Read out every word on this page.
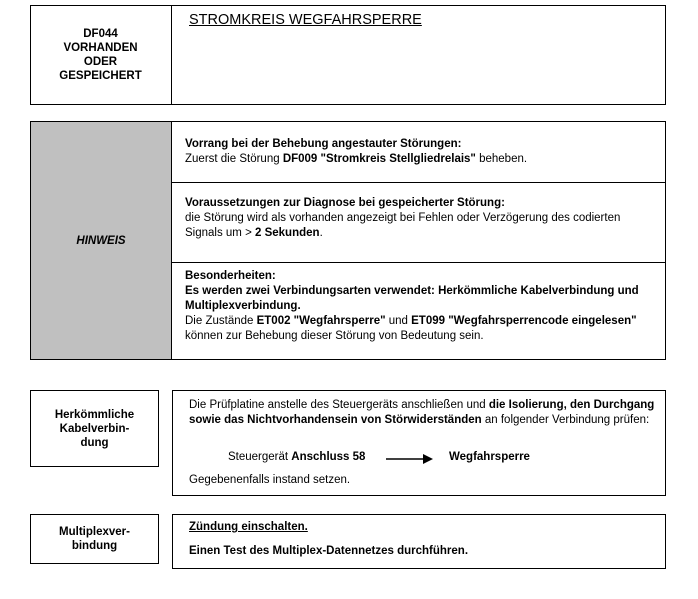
DF044
VORHANDEN
ODER
GESPEICHERT
STROMKREIS WEGFAHRSPERRE
HINWEIS
Vorrang bei der Behebung angestauter Störungen:
Zuerst die Störung DF009 "Stromkreis Stellgliedrelais" beheben.
Voraussetzungen zur Diagnose bei gespeicherter Störung:
die Störung wird als vorhanden angezeigt bei Fehlen oder Verzögerung des codierten Signals um > 2 Sekunden.
Besonderheiten:
Es werden zwei Verbindungsarten verwendet: Herkömmliche Kabelverbindung und Multiplexverbindung.
Die Zustände ET002 "Wegfahrsperre" und ET099 "Wegfahrsperrencode eingelesen" können zur Behebung dieser Störung von Bedeutung sein.
Herkömmliche
Kabelverbin-
dung
Die Prüfplatine anstelle des Steuergeräts anschließen und die Isolierung, den Durchgang sowie das Nichtvorhandensein von Störwiderständen an folgender Verbindung prüfen:
Steuergerät Anschluss 58	Wegfahrsperre
Gegebenenfalls instand setzen.
Multiplexver-
bindung
Zündung einschalten.
Einen Test des Multiplex-Datennetzes durchführen.
